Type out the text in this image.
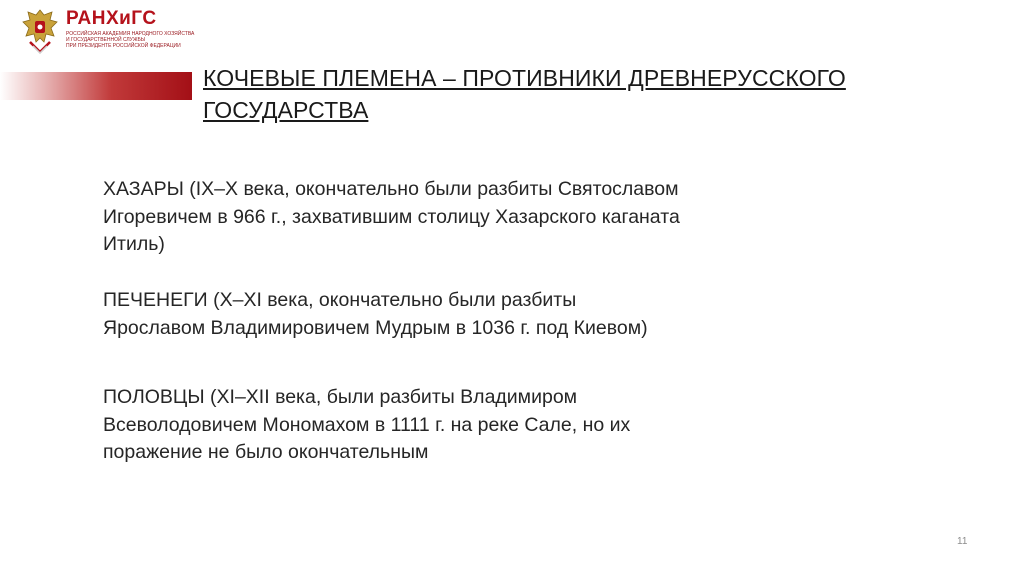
РАНХиГС
РОССИЙСКАЯ АКАДЕМИЯ НАРОДНОГО ХОЗЯЙСТВА
И ГОСУДАРСТВЕННОЙ СЛУЖБЫ
ПРИ ПРЕЗИДЕНТЕ РОССИЙСКОЙ ФЕДЕРАЦИИ
КОЧЕВЫЕ ПЛЕМЕНА – ПРОТИВНИКИ ДРЕВНЕРУССКОГО
ГОСУДАРСТВА
ХАЗАРЫ (IX–X века, окончательно были разбиты Святославом
Игоревичем в 966 г., захватившим столицу Хазарского каганата
Итиль)
ПЕЧЕНЕГИ (X–XI века, окончательно были разбиты
Ярославом Владимировичем Мудрым в 1036 г. под Киевом)
ПОЛОВЦЫ (XI–XII века, были разбиты Владимиром
Всеволодовичем Мономахом в 1111 г. на реке Сале, но их
поражение не было окончательным
11
